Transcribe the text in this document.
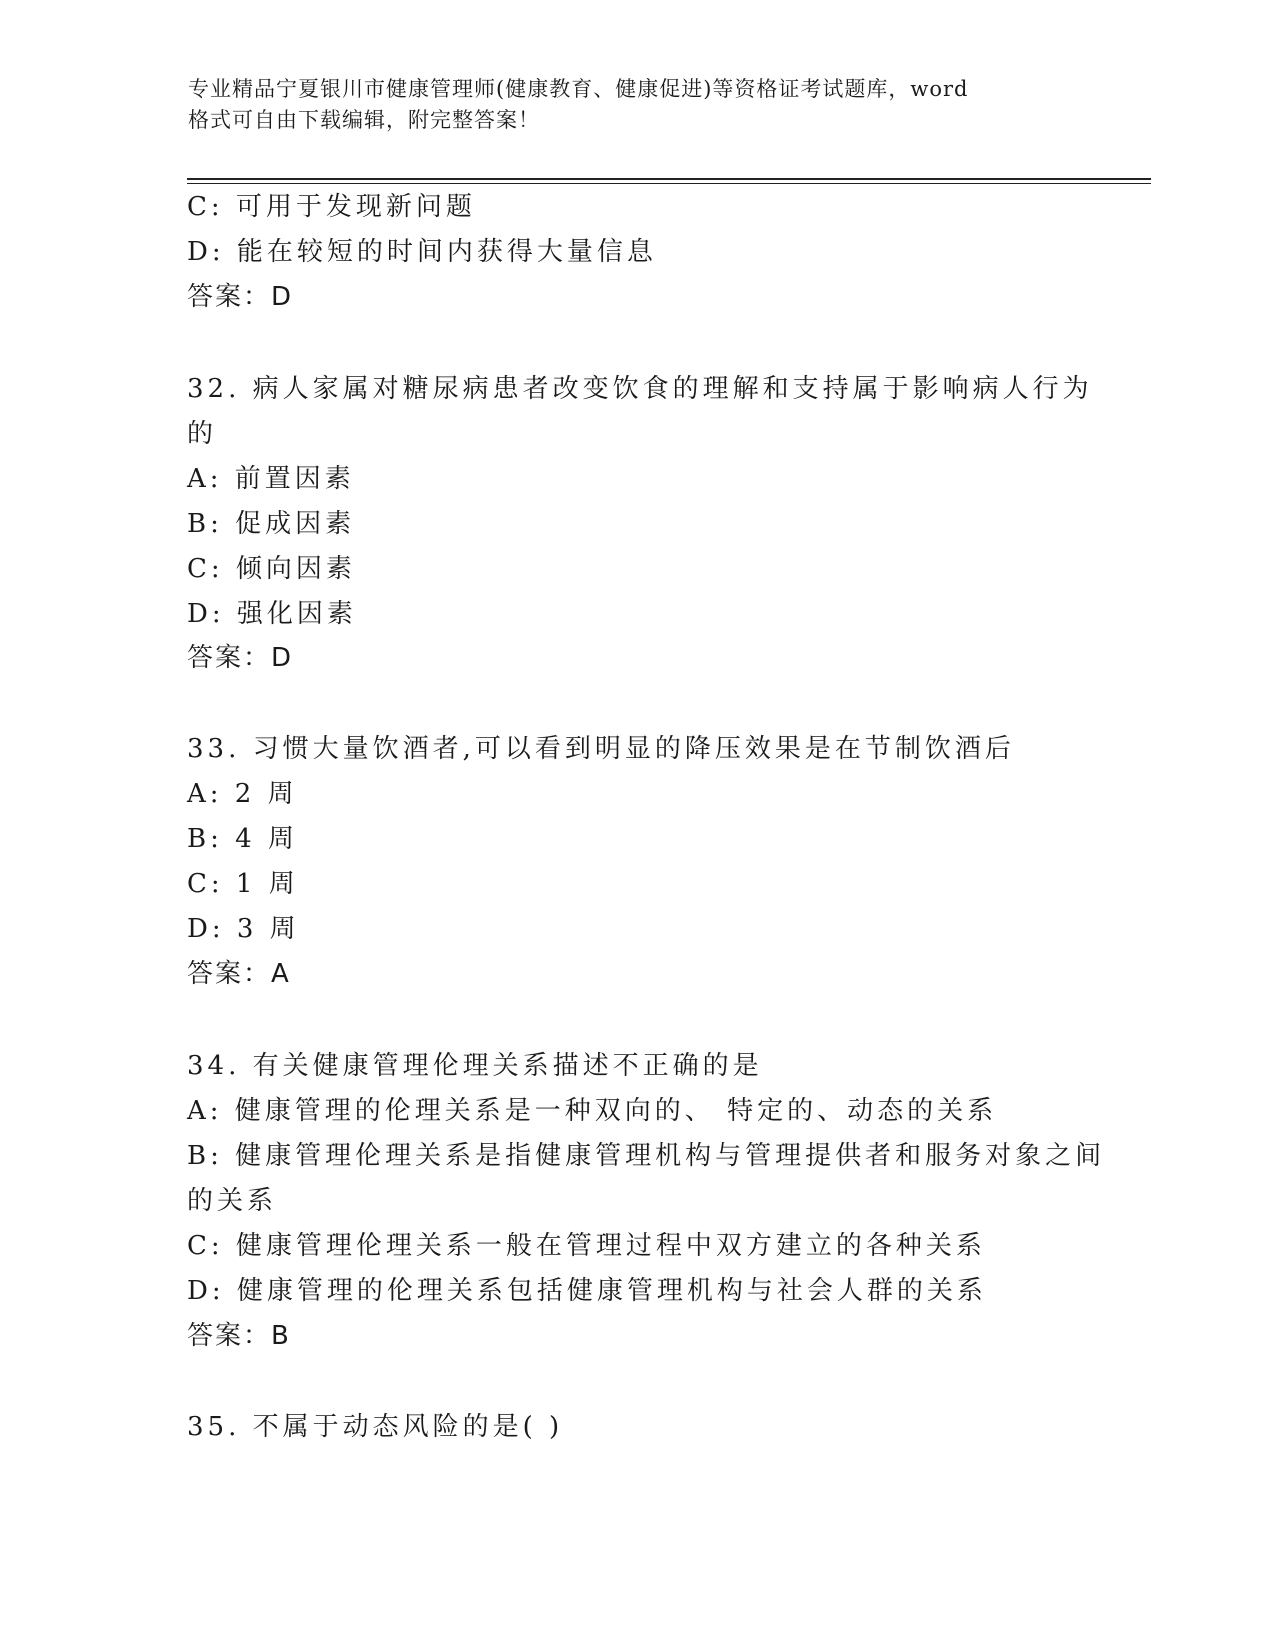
专业精品宁夏银川市健康管理师(健康教育、健康促进)等资格证考试题库，word
格式可自由下载编辑，附完整答案！
C: 可用于发现新问题
D: 能在较短的时间内获得大量信息
答案：D
32. 病人家属对糖尿病患者改变饮食的理解和支持属于影响病人行为
的
A: 前置因素
B: 促成因素
C: 倾向因素
D: 强化因素
答案：D
33. 习惯大量饮酒者,可以看到明显的降压效果是在节制饮酒后
A: 2 周
B: 4 周
C: 1 周
D: 3 周
答案：A
34. 有关健康管理伦理关系描述不正确的是
A: 健康管理的伦理关系是一种双向的、 特定的、动态的关系
B: 健康管理伦理关系是指健康管理机构与管理提供者和服务对象之间
的关系
C: 健康管理伦理关系一般在管理过程中双方建立的各种关系
D: 健康管理的伦理关系包括健康管理机构与社会人群的关系
答案：B
35. 不属于动态风险的是( )
